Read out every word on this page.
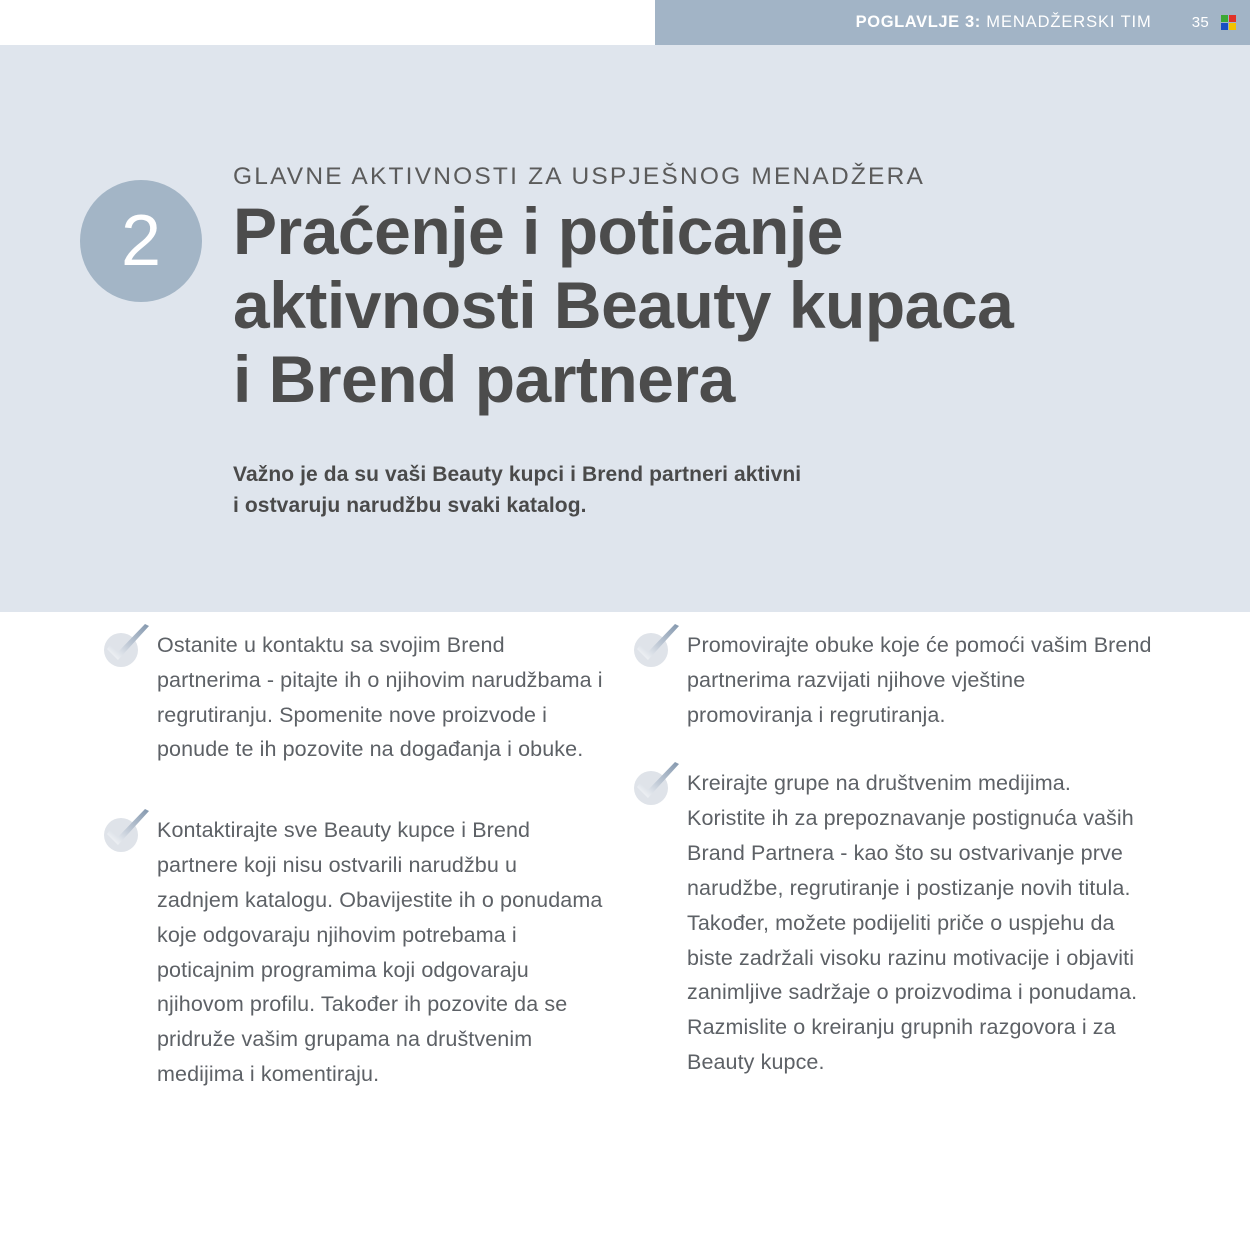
POGLAVLJE 3: MENADŽERSKI TIM	35
2

GLAVNE AKTIVNOSTI ZA USPJEŠNOG MENADŽERA

Praćenje i poticanje
aktivnosti Beauty kupaca
i Brend partnera

Važno je da su vaši Beauty kupci i Brend partneri aktivni
i ostvaruju narudžbu svaki katalog.

Ostanite u kontaktu sa svojim Brend partnerima - pitajte ih o njihovim narudžbama i regrutiranju. Spomenite nove proizvode i ponude te ih pozovite na događanja i obuke.
Kontaktirajte sve Beauty kupce i Brend partnere koji nisu ostvarili narudžbu u zadnjem katalogu. Obavijestite ih o ponudama koje odgovaraju njihovim potrebama i poticajnim programima koji odgovaraju njihovom profilu. Također ih pozovite da se pridruže vašim grupama na društvenim medijima i komentiraju.
Promovirajte obuke koje će pomoći vašim Brend partnerima razvijati njihove vještine promoviranja i regrutiranja.
Kreirajte grupe na društvenim medijima. Koristite ih za prepoznavanje postignuća vaših Brand Partnera - kao što su ostvarivanje prve narudžbe, regrutiranje i postizanje novih titula. Također, možete podijeliti priče o uspjehu da biste zadržali visoku razinu motivacije i objaviti zanimljive sadržaje o proizvodima i ponudama. Razmislite o kreiranju grupnih razgovora i za Beauty kupce.
